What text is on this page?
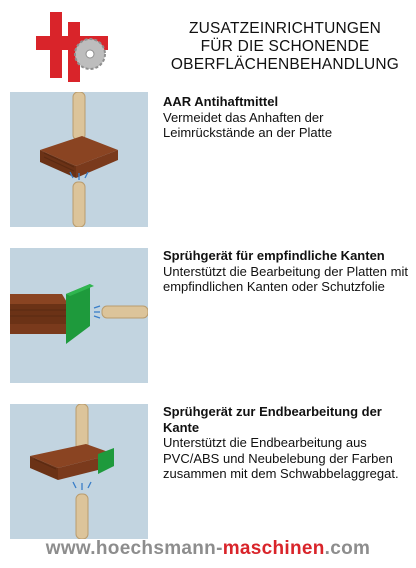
ZUSATZEINRICHTUNGEN
FÜR DIE SCHONENDE
OBERFLÄCHENBEHANDLUNG
AAR Antihaftmittel

Vermeidet das Anhaften der Leimrückstände an der Platte

Sprühgerät für empfindliche Kanten

Unterstützt die Bearbeitung der Platten mit empfindlichen Kanten oder Schutzfolie

Sprühgerät zur Endbearbeitung der Kante

Unterstützt die Endbearbeitung aus PVC/ABS und Neubelebung der Farben zusammen mit dem Schwabbelaggregat.

www.hoechsmann-maschinen.com
